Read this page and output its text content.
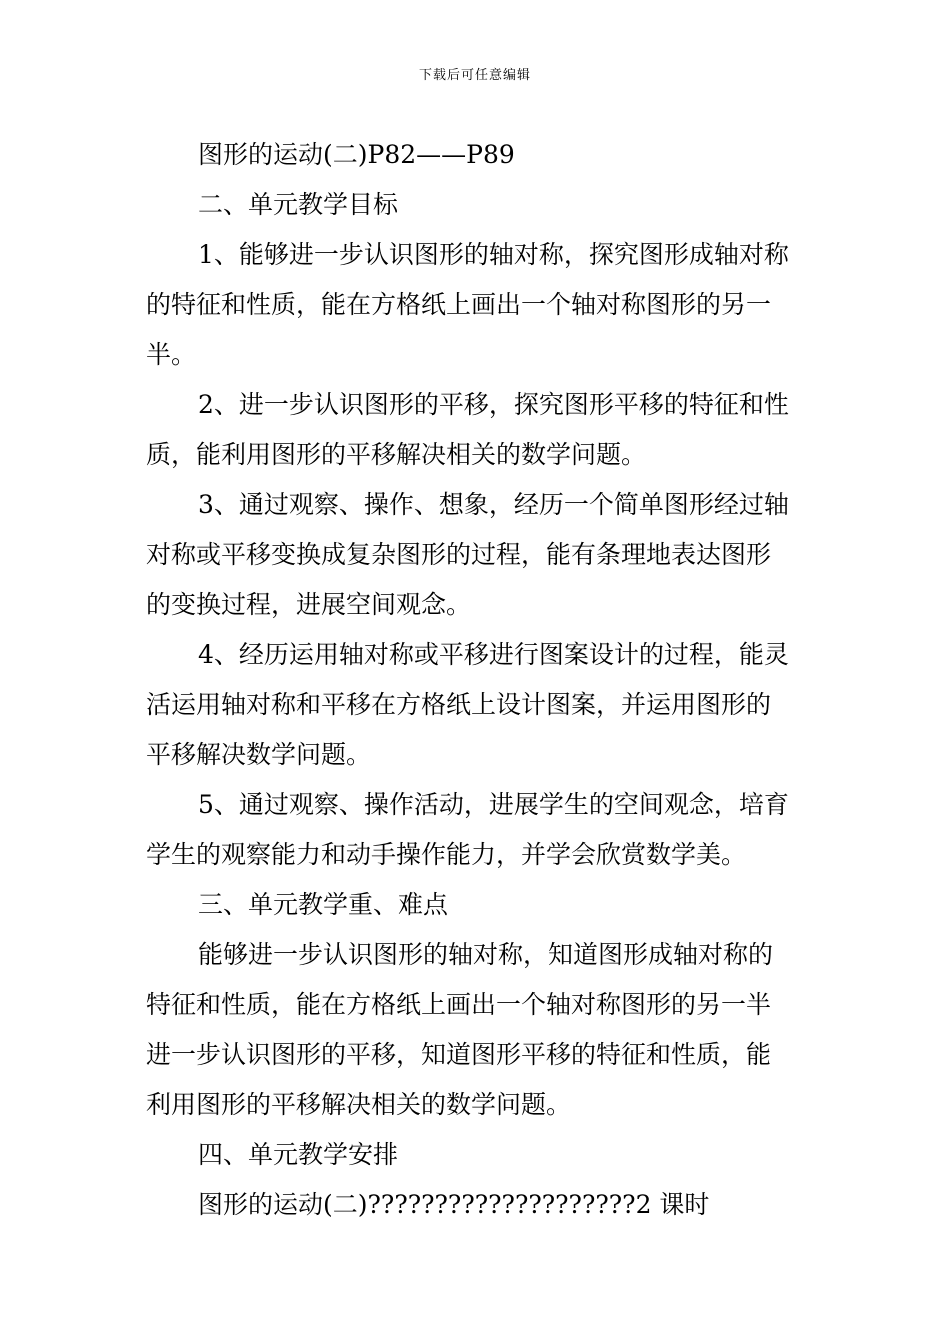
下载后可任意编辑
图形的运动(二)P82——P89
二、单元教学目标
1、能够进一步认识图形的轴对称，探究图形成轴对称
的特征和性质，能在方格纸上画出一个轴对称图形的另一
半。
2、进一步认识图形的平移，探究图形平移的特征和性
质，能利用图形的平移解决相关的数学问题。
3、通过观察、操作、想象，经历一个简单图形经过轴
对称或平移变换成复杂图形的过程，能有条理地表达图形
的变换过程，进展空间观念。
4、经历运用轴对称或平移进行图案设计的过程，能灵
活运用轴对称和平移在方格纸上设计图案，并运用图形的
平移解决数学问题。
5、通过观察、操作活动，进展学生的空间观念，培育
学生的观察能力和动手操作能力，并学会欣赏数学美。
三、单元教学重、难点
能够进一步认识图形的轴对称，知道图形成轴对称的
特征和性质，能在方格纸上画出一个轴对称图形的另一半
进一步认识图形的平移，知道图形平移的特征和性质，能
利用图形的平移解决相关的数学问题。
四、单元教学安排
图形的运动(二)????????????????????2 课时
